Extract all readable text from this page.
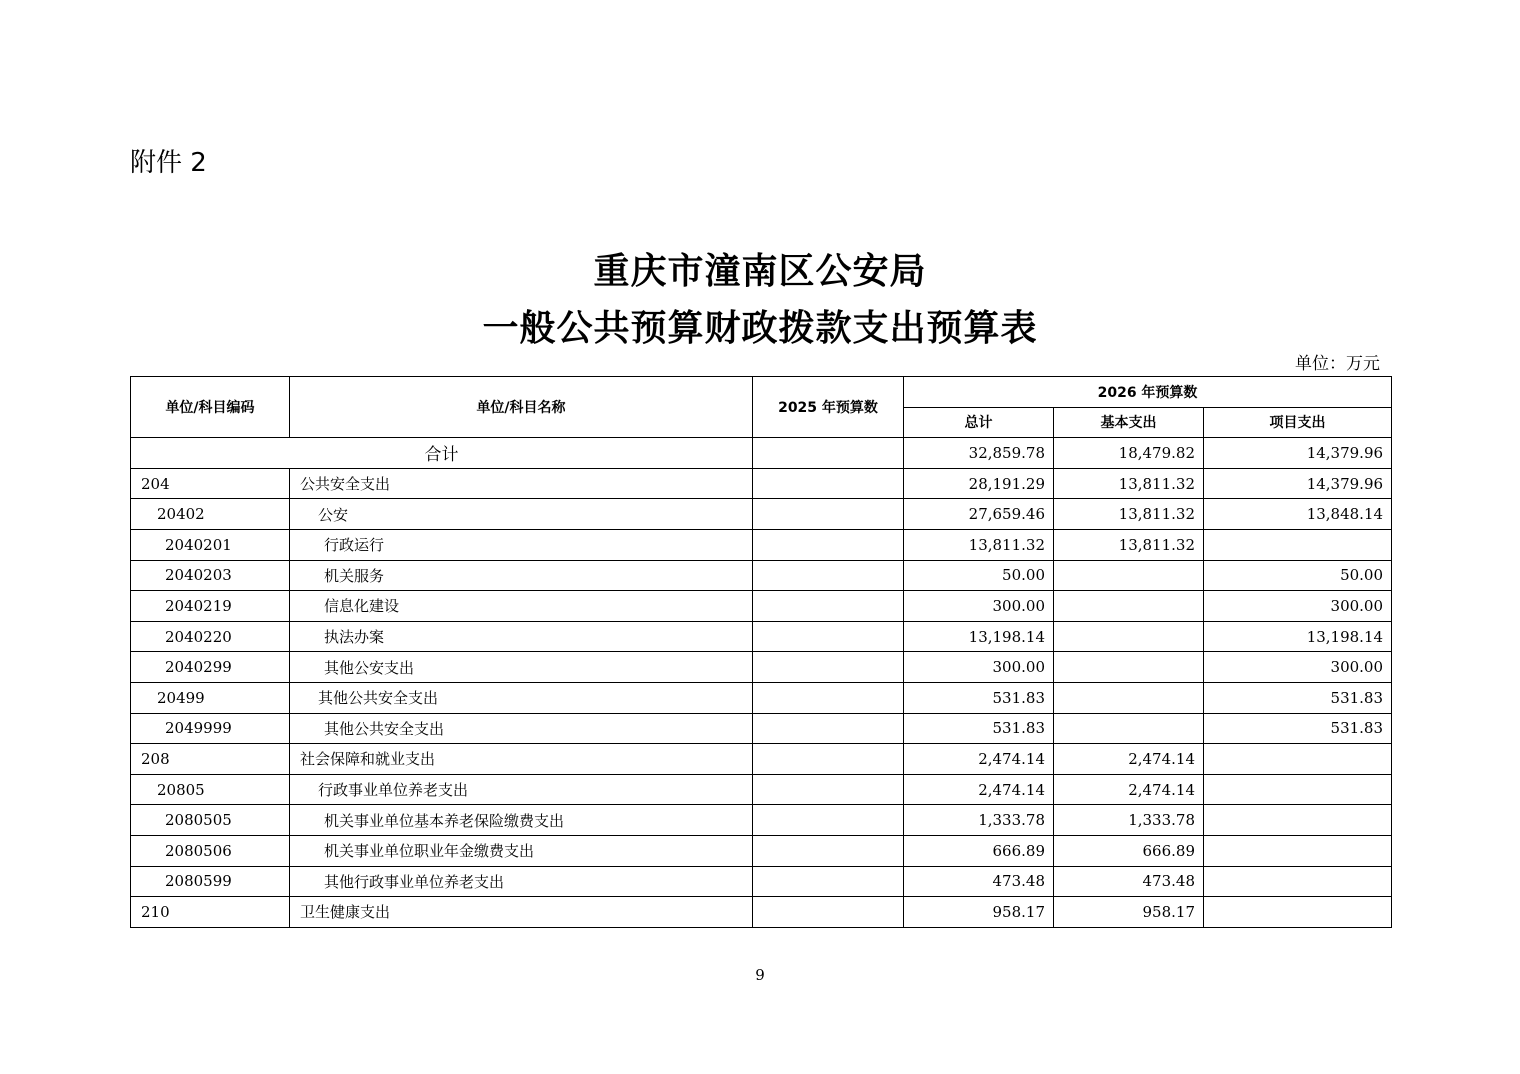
附件 2
重庆市潼南区公安局
一般公共预算财政拨款支出预算表
单位：万元
单位/科目编码	单位/科目名称	2025 年预算数	2026 年预算数		
			总计	基本支出	项目支出
合计			32,859.78	18,479.82	14,379.96
204	公共安全支出		28,191.29	13,811.32	14,379.96
20402	公安		27,659.46	13,811.32	13,848.14
2040201	行政运行		13,811.32	13,811.32	
2040203	机关服务		50.00		50.00
2040219	信息化建设		300.00		300.00
2040220	执法办案		13,198.14		13,198.14
2040299	其他公安支出		300.00		300.00
20499	其他公共安全支出		531.83		531.83
2049999	其他公共安全支出		531.83		531.83
208	社会保障和就业支出		2,474.14	2,474.14	
20805	行政事业单位养老支出		2,474.14	2,474.14	
2080505	机关事业单位基本养老保险缴费支出		1,333.78	1,333.78	
2080506	机关事业单位职业年金缴费支出		666.89	666.89	
2080599	其他行政事业单位养老支出		473.48	473.48	
210	卫生健康支出		958.17	958.17	
9
